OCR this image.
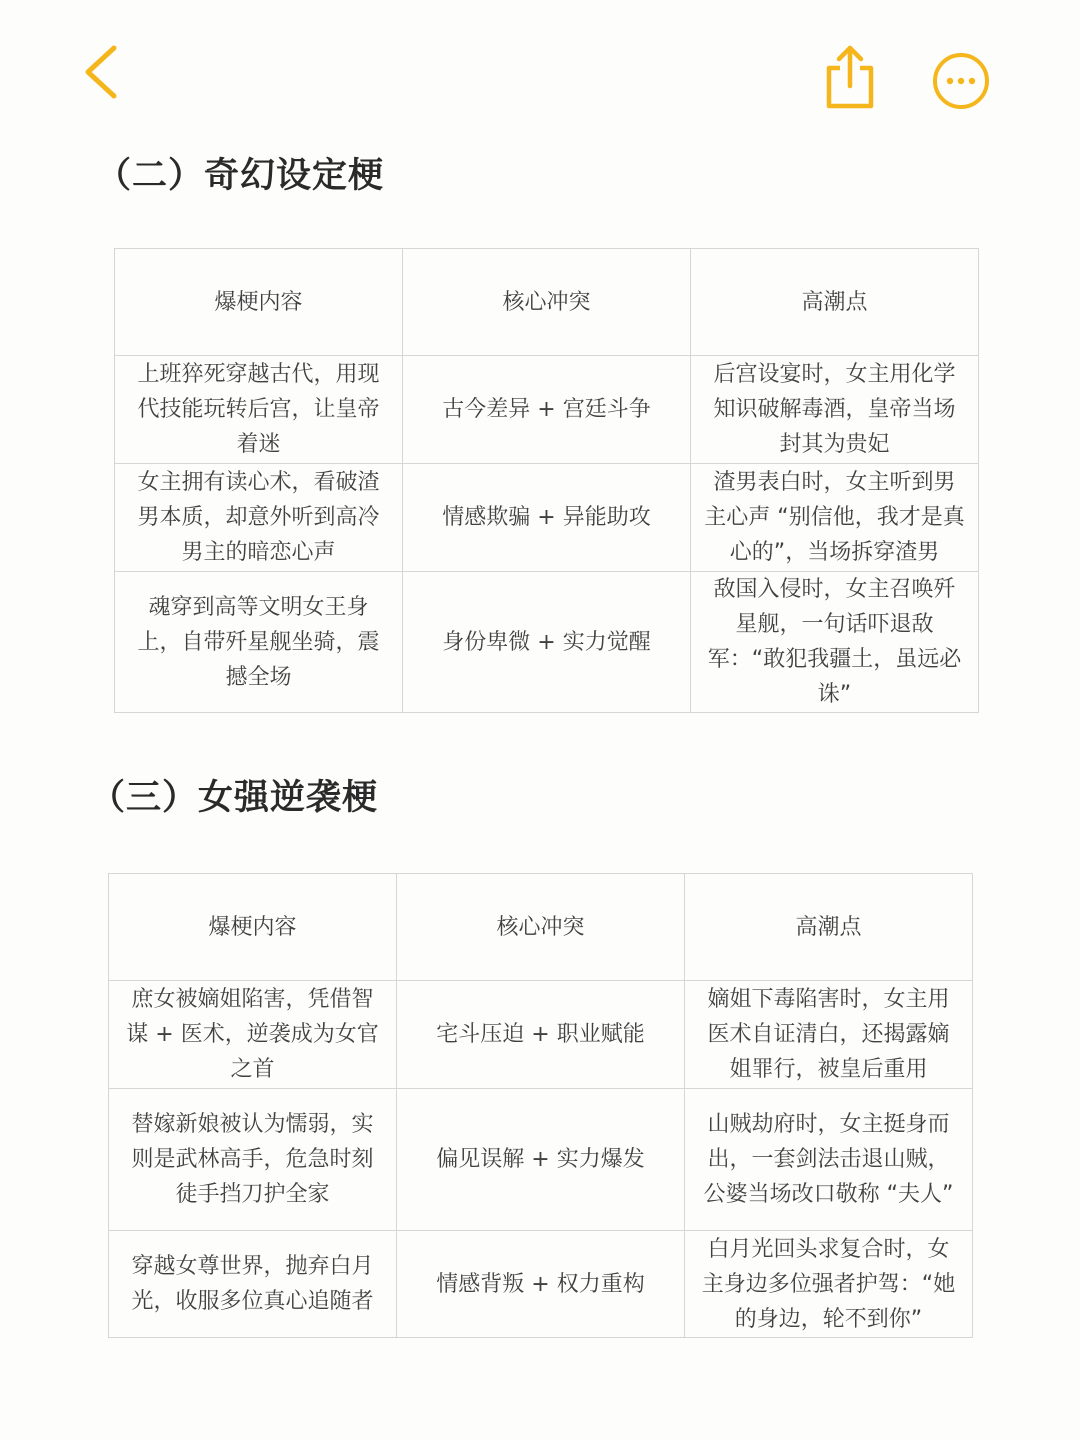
（二）奇幻设定梗
爆梗内容	核心冲突	高潮点
上班猝死穿越古代，用现代技能玩转后宫，让皇帝着迷	古今差异 + 宫廷斗争	后宫设宴时，女主用化学知识破解毒酒，皇帝当场封其为贵妃
女主拥有读心术，看破渣男本质，却意外听到高冷男主的暗恋心声	情感欺骗 + 异能助攻	渣男表白时，女主听到男主心声 “别信他，我才是真心的”，当场拆穿渣男
魂穿到高等文明女王身上，自带歼星舰坐骑，震撼全场	身份卑微 + 实力觉醒	敌国入侵时，女主召唤歼星舰，一句话吓退敌军：“敢犯我疆土，虽远必诛”
（三）女强逆袭梗
爆梗内容	核心冲突	高潮点
庶女被嫡姐陷害，凭借智谋 + 医术，逆袭成为女官之首	宅斗压迫 + 职业赋能	嫡姐下毒陷害时，女主用医术自证清白，还揭露嫡姐罪行，被皇后重用
替嫁新娘被认为懦弱，实则是武林高手，危急时刻徒手挡刀护全家	偏见误解 + 实力爆发	山贼劫府时，女主挺身而出，一套剑法击退山贼，公婆当场改口敬称 “夫人”
穿越女尊世界，抛弃白月光，收服多位真心追随者	情感背叛 + 权力重构	白月光回头求复合时，女主身边多位强者护驾：“她的身边，轮不到你”
